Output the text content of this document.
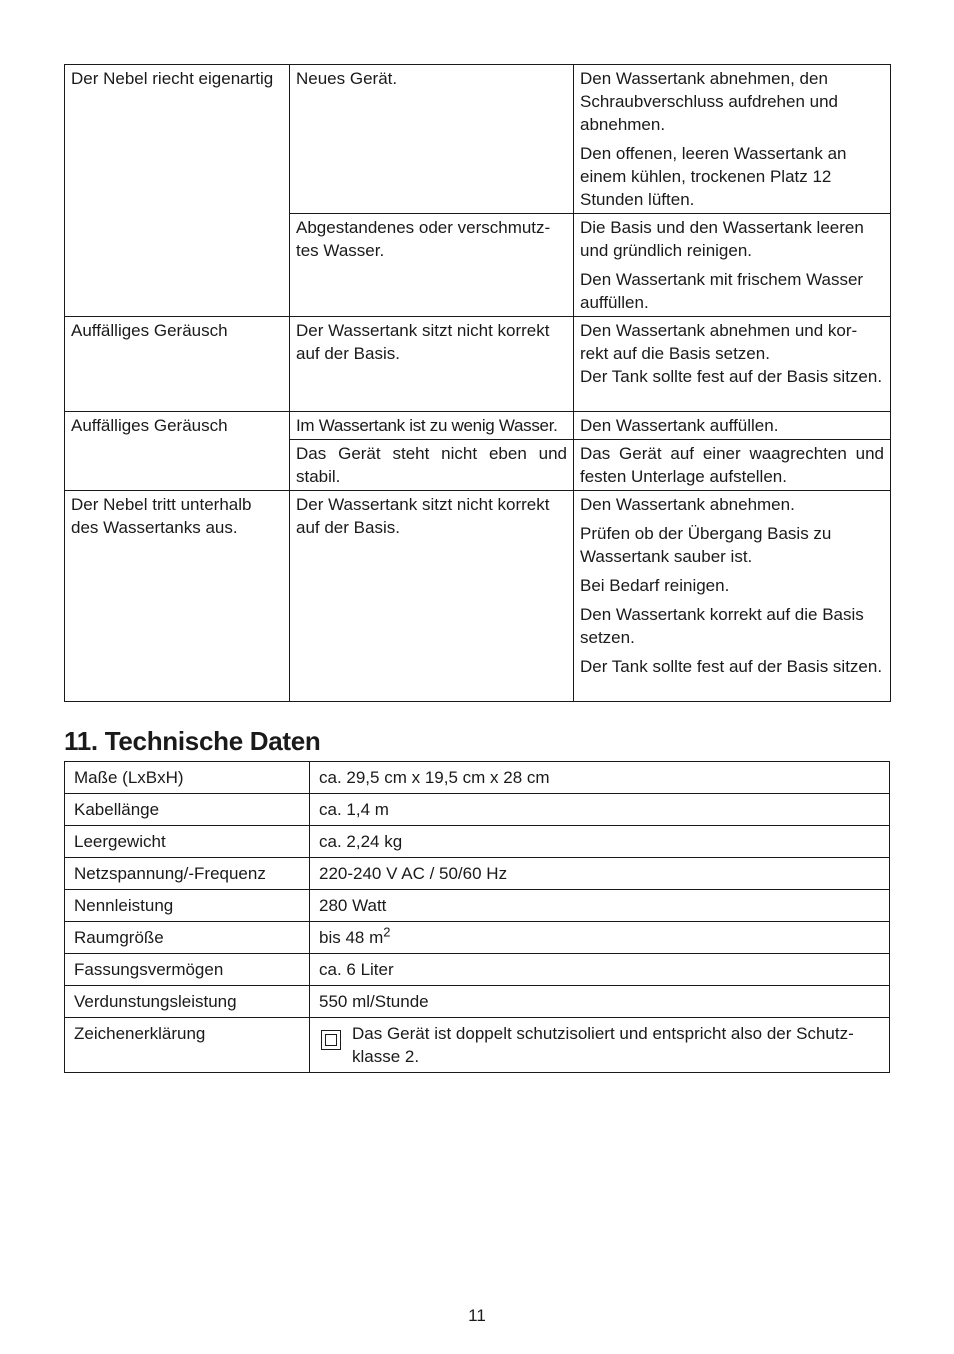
Der Nebel riecht eigenartig	Neues Gerät.	Den Wassertank abnehmen, den Schraubverschluss aufdrehen und abnehmen.

Den offenen, leeren Wassertank an einem kühlen, trockenen Platz 12 Stunden lüften.

	Abgestandenes oder verschmutz-tes Wasser.	Die Basis und den Wassertank leeren und gründlich reinigen.

Den Wassertank mit frischem Wasser auffüllen.

Auffälliges Geräusch	Der Wassertank sitzt nicht korrekt auf der Basis.	Den Wassertank abnehmen und kor-rekt auf die Basis setzen.
Der Tank sollte fest auf der Basis sitzen.

Auffälliges Geräusch	Im Wassertank ist zu wenig Wasser.	Den Wassertank auffüllen.
	Das Gerät steht nicht eben und stabil.	Das Gerät auf einer waagrechten und festen Unterlage aufstellen.
Der Nebel tritt unterhalb des Wassertanks aus.	Der Wassertank sitzt nicht korrekt auf der Basis.	Den Wassertank abnehmen.

Prüfen ob der Übergang Basis zu Wassertank sauber ist.

Bei Bedarf reinigen.

Den Wassertank korrekt auf die Basis setzen.

Der Tank sollte fest auf der Basis sitzen.

11. Technische Daten
Maße (LxBxH)	ca. 29,5 cm x 19,5 cm x 28 cm
Kabellänge	ca. 1,4 m
Leergewicht	ca. 2,24 kg
Netzspannung/-Frequenz	220-240 V AC / 50/60 Hz
Nennleistung	280 Watt
Raumgröße	bis 48 $m^2$
Fassungsvermögen	ca. 6 Liter
Verdunstungsleistung	550 ml/Stunde
Zeichenerklärung	Das Gerät ist doppelt schutzisoliert und entspricht also der Schutz-klasse 2.
11
